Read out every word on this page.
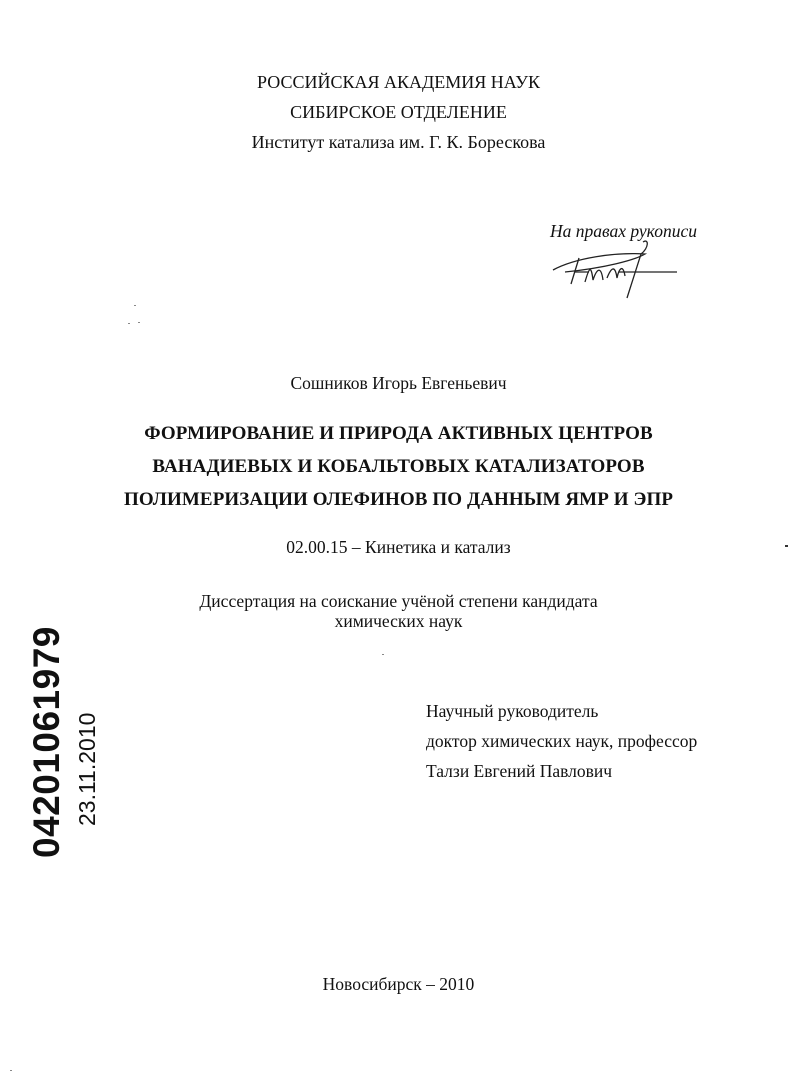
РОССИЙСКАЯ АКАДЕМИЯ НАУК
СИБИРСКОЕ ОТДЕЛЕНИЕ
Институт катализа им. Г. К. Борескова
На правах рукописи
Сошников Игорь Евгеньевич
ФОРМИРОВАНИЕ И ПРИРОДА АКТИВНЫХ ЦЕНТРОВ
ВАНАДИЕВЫХ И КОБАЛЬТОВЫХ КАТАЛИЗАТОРОВ
ПОЛИМЕРИЗАЦИИ ОЛЕФИНОВ ПО ДАННЫМ ЯМР И ЭПР
02.00.15 – Кинетика и катализ
Диссертация на соискание учёной степени кандидата
химических наук
04201061979 23.11.2010
Научный руководитель
доктор химических наук, профессор
Талзи Евгений Павлович
Новосибирск – 2010
